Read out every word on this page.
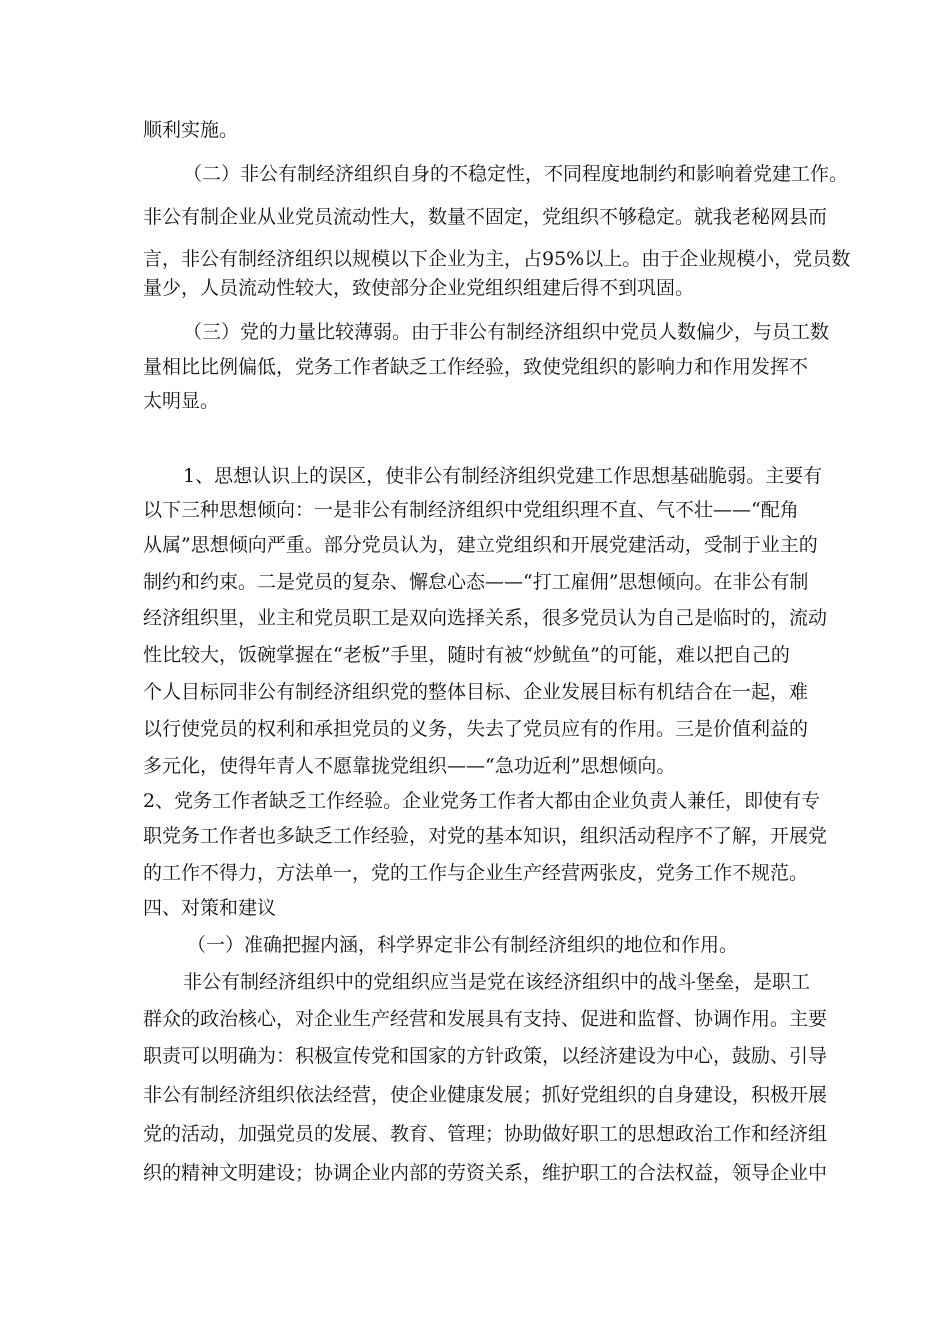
顺利实施。
（二）非公有制经济组织自身的不稳定性，不同程度地制约和影响着党建工作。
非公有制企业从业党员流动性大，数量不固定，党组织不够稳定。就我老秘网县而
言，非公有制经济组织以规模以下企业为主，占95%以上。由于企业规模小，党员数
量少，人员流动性较大，致使部分企业党组织组建后得不到巩固。
（三）党的力量比较薄弱。由于非公有制经济组织中党员人数偏少，与员工数
量相比比例偏低，党务工作者缺乏工作经验，致使党组织的影响力和作用发挥不
太明显。
1、思想认识上的误区，使非公有制经济组织党建工作思想基础脆弱。主要有
以下三种思想倾向：一是非公有制经济组织中党组织理不直、气不壮——“配角
从属”思想倾向严重。部分党员认为，建立党组织和开展党建活动，受制于业主的
制约和约束。二是党员的复杂、懈怠心态——“打工雇佣”思想倾向。在非公有制
经济组织里，业主和党员职工是双向选择关系，很多党员认为自己是临时的，流动
性比较大，饭碗掌握在“老板”手里，随时有被“炒鱿鱼”的可能，难以把自己的
个人目标同非公有制经济组织党的整体目标、企业发展目标有机结合在一起，难
以行使党员的权利和承担党员的义务，失去了党员应有的作用。三是价值利益的
多元化，使得年青人不愿靠拢党组织——“急功近利”思想倾向。
2、党务工作者缺乏工作经验。企业党务工作者大都由企业负责人兼任，即使有专
职党务工作者也多缺乏工作经验，对党的基本知识，组织活动程序不了解，开展党
的工作不得力，方法单一，党的工作与企业生产经营两张皮，党务工作不规范。
四、对策和建议
（一）准确把握内涵，科学界定非公有制经济组织的地位和作用。
非公有制经济组织中的党组织应当是党在该经济组织中的战斗堡垒，是职工
群众的政治核心，对企业生产经营和发展具有支持、促进和监督、协调作用。主要
职责可以明确为：积极宣传党和国家的方针政策，以经济建设为中心，鼓励、引导
非公有制经济组织依法经营，使企业健康发展；抓好党组织的自身建设，积极开展
党的活动，加强党员的发展、教育、管理；协助做好职工的思想政治工作和经济组
织的精神文明建设；协调企业内部的劳资关系，维护职工的合法权益，领导企业中
